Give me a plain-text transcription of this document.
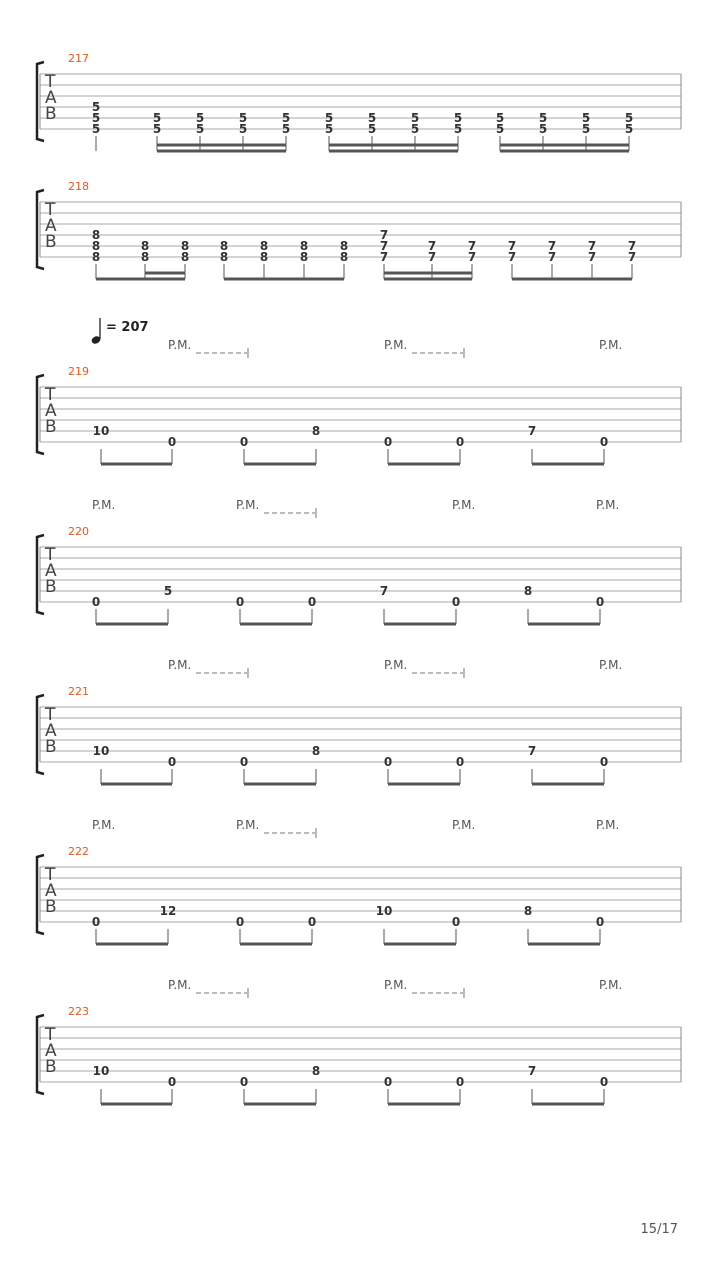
= 207
T
A
B
217
5
5
5
5
5
5
5
5
5
5
5
5
5
5
5
5
5
5
5
5
5
5
5
5
5
5
5
T
A
B
218
8
8
8
8
8
8
8
8
8
8
8
8
8
8
8
7
7
7
7
7
7
7
7
7
7
7
7
7
7
7
T
A
B
219
P.M.	P.M.	P.M.
10
0	0
8
0	0
7
0
T
A
B
220
P.M.	P.M.	P.M.	P.M.
0
5
0	0
7
0
8
0
T
A
B
221
P.M.	P.M.	P.M.
10
0	0
8
0	0
7
0
T
A
B
222
P.M.	P.M.	P.M.	P.M.
0
12
0	0
10
0
8
0
T
A
B
223
P.M.	P.M.	P.M.
10
0	0
8
0	0
7
0
15/17
